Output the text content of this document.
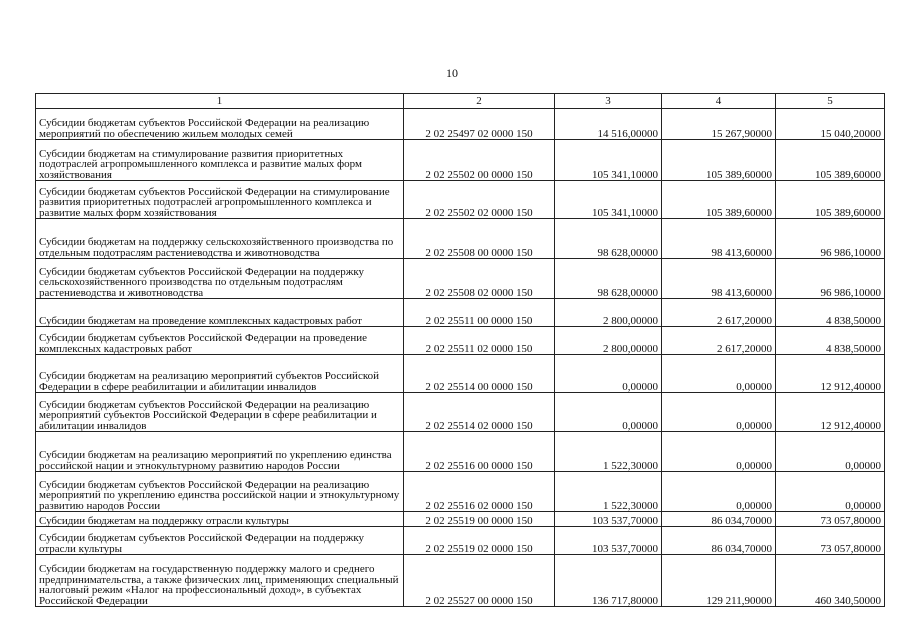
10
1	2	3	4	5
Субсидии бюджетам субъектов Российской Федерации на реализацию мероприятий по обеспечению жильем молодых семей	2 02 25497 02 0000 150	14 516,00000	15 267,90000	15 040,20000
Субсидии бюджетам на стимулирование развития приоритетных подотраслей агропромышленного комплекса и развитие малых форм хозяйствования	2 02 25502 00 0000 150	105 341,10000	105 389,60000	105 389,60000
Субсидии бюджетам субъектов Российской Федерации на стимулирование развития приоритетных подотраслей агропромышленного комплекса и развитие малых форм хозяйствования	2 02 25502 02 0000 150	105 341,10000	105 389,60000	105 389,60000
Субсидии бюджетам на поддержку сельскохозяйственного производства по отдельным подотраслям растениеводства и животноводства	2 02 25508 00 0000 150	98 628,00000	98 413,60000	96 986,10000
Субсидии бюджетам субъектов Российской Федерации на поддержку сельскохозяйственного производства по отдельным подотраслям растениеводства и животноводства	2 02 25508 02 0000 150	98 628,00000	98 413,60000	96 986,10000
Субсидии бюджетам на проведение комплексных кадастровых работ	2 02 25511 00 0000 150	2 800,00000	2 617,20000	4 838,50000
Субсидии бюджетам субъектов Российской Федерации на проведение комплексных кадастровых работ	2 02 25511 02 0000 150	2 800,00000	2 617,20000	4 838,50000
Субсидии бюджетам на реализацию мероприятий субъектов Российской Федерации в сфере реабилитации и абилитации инвалидов	2 02 25514 00 0000 150	0,00000	0,00000	12 912,40000
Субсидии бюджетам субъектов Российской Федерации на реализацию мероприятий субъектов Российской Федерации в сфере реабилитации и абилитации инвалидов	2 02 25514 02 0000 150	0,00000	0,00000	12 912,40000
Субсидии бюджетам на реализацию мероприятий по укреплению единства российской нации и этнокультурному развитию народов России	2 02 25516 00 0000 150	1 522,30000	0,00000	0,00000
Субсидии бюджетам субъектов Российской Федерации на реализацию мероприятий по укреплению единства российской нации и этнокультурному развитию народов России	2 02 25516 02 0000 150	1 522,30000	0,00000	0,00000
Субсидии бюджетам на поддержку отрасли культуры	2 02 25519 00 0000 150	103 537,70000	86 034,70000	73 057,80000
Субсидии бюджетам субъектов Российской Федерации на поддержку отрасли культуры	2 02 25519 02 0000 150	103 537,70000	86 034,70000	73 057,80000
Субсидии бюджетам на государственную поддержку малого и среднего предпринимательства, а также физических лиц, применяющих специальный налоговый режим «Налог на профессиональный доход», в субъектах Российской Федерации	2 02 25527 00 0000 150	136 717,80000	129 211,90000	460 340,50000
